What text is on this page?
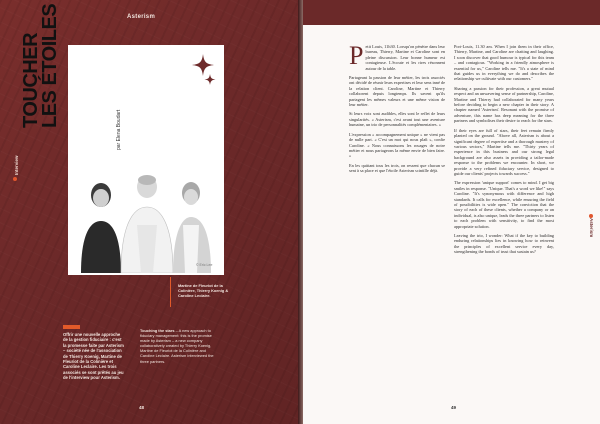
Asterism
TOUCHER
LES ÉTOILES
par Elena Boudart
© Eric Lee
Interview
Martine de Fleuriot de la Colinière, Thierry Koenig & Caroline Leclaire.
Offrir une nouvelle approche de la gestion fiduciaire : c'est la promesse faite par Asterism – société née de l'association de Thierry Koenig, Martine de Fleuriot de la Colinière et Caroline Leclaire. Les trois associés se sont prêtés au jeu de l'interview pour Asterism.
Touching the stars – A new approach to fiduciary management: this is the promise made by Asterism – a new company collaboratively created by Thierry Koenig, Martine de Fleuriot de la Colinière and Caroline Leclaire. Asterism interviewed the three partners.
48

Petit Louis, 11h30. Lorsqu'on pénètre dans leur bureau, Thierry, Martine et Caroline sont en pleine discussion. Leur bonne humeur est contagieuse. L'écoute et les rires résonnent autour de la table.

Partageant la passion de leur métier, les trois associés ont décidé de réunir leurs expertises et leur sens inné de la relation client. Caroline, Martine et Thierry collaborent depuis longtemps. Ils savent qu'ils partagent les mêmes valeurs et une même vision de leur métier.

Si leurs voix sont audibles, elles sont le reflet de leurs singularités. « Asterism, c'est avant tout une aventure humaine, un trio de personnalités complémentaires. »

L'expression « accompagnement unique » ne vient pas de nulle part. « C'est un mot qui nous plaît », confie Caroline. « Nous connaissons les rouages de notre métier et nous partageons la même envie de bien faire. »

En les quittant tous les trois, on ressent que chacun se sent à sa place et que l'étoile Asterism scintille déjà.

Port-Louis, 11.30 am. When I join them in their office, Thierry, Martine, and Caroline are chatting and laughing. I soon discover that good humour is typical for this team – and contagious. "Working in a friendly atmosphere is essential for us," Caroline tells me. "It's a state of mind that guides us in everything we do and describes the relationship we cultivate with our customers."

Sharing a passion for their profession, a great mutual respect and an unwavering sense of partnership, Caroline, Martine and Thierry had collaborated for many years before deciding to begin a new chapter in their story. A chapter named 'Asterism'. Resonant with the promise of adventure, this name has deep meaning for the three partners and symbolises their desire to reach for the stars.

If their eyes are full of stars, their feet remain firmly planted on the ground. "Above all, Asterism is about a significant degree of expertise and a thorough mastery of various sectors," Martine tells me. "Thirty years of experience in this business and our strong legal background are also assets in providing a tailor-made response to the problems we encounter. In short, we provide a very refined fiduciary service, designed to guide our clients' projects towards success."

The expression 'unique support' comes to mind. I get big smiles in response. "Unique. That's a word we like!" says Caroline. "It's synonymous with difference and high standards. It calls for excellence, while ensuring the field of possibilities is wide open." The conviction that the story of each of these clients, whether a company or an individual, is also unique, leads the three partners to listen to each problem with sensitivity, to find the most appropriate solution.

Leaving the trio, I wonder: What if the key to building enduring relationships lies in knowing how to reinvent the principles of excellent service every day, strengthening the bonds of trust that sustain us?

Asterism
49
